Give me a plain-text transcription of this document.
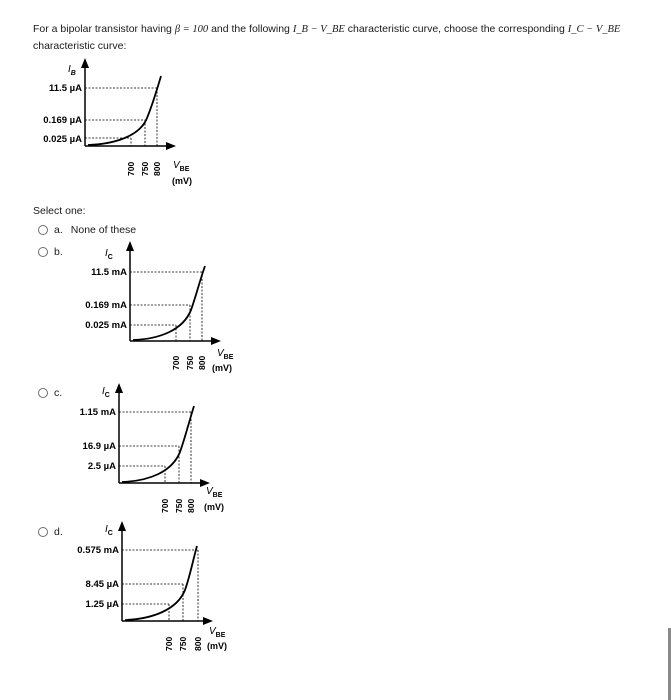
For a bipolar transistor having β = 100 and the following I_B − V_BE characteristic curve, choose the corresponding I_C − V_BE characteristic curve:
$I_B$
11.5 µA
0.169 µA
0.025 µA
700 750 800 $V_{BE}$
(mV)
Select one:
a. None of these
b.	$I_C$
11.5 mA
0.169 mA
0.025 mA
700 750 800
$V_{BE}$
(mV)
c.	$I_C$
1.15 mA
16.9 µA
2.5 µA
700 750 800
$V_{BE}$
(mV)
d.	$I_C$
0.575 mA
8.45 µA
1.25 µA
700 750 800
$V_{BE}$
(mV)
